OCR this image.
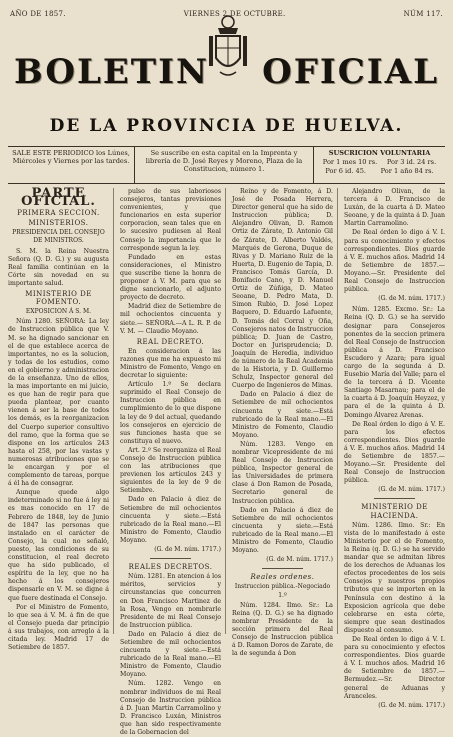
AÑO DE 1857.	VIERNES 2 DE OCTUBRE.	NÚM 117.
BOLETIN OFICIAL
DE LA PROVINCIA DE HUELVA.
SALE ESTE PERIODICO los Lúnes, Miércoles y Viernes por las tardes.
Se suscribe en esta capital en la Imprenta y librería de D. José Reyes y Moreno, Plaza de la Constitucion, número 1.
SUSCRICION VOLUNTARIA
Por 1 mes 10 rs. Por 3 id. 24 rs.
Por 6 id. 45. Por 1 año 84 rs.
PARTE OFICIAL.
PRIMERA SECCION.
MINISTERIOS.
PRESIDENCIA DEL CONSEJO DE MINISTROS.

S. M. la Reina Nuestra Señora (Q. D. G.) y su augusta Real familia continúan en la Córte sin novedad en su importante salud.

MINISTERIO DE FOMENTO.
EXPOSICION Á S. M.

Núm 1280. SEÑORA: La ley de Instruccion pública que V. M. se ha dignado sancionar en el de que establece acerca de importantes, no es la solucion, y todas de los estudios, como en el gobierno y administracion de la enseñanza. Uno de ellos, la mas importante en mi juicio, es que han de regir para que pueda plantear, por cuanto vienen á ser la base de todos los demás, es la reorganizacion del Cuerpo superior consultivo del ramo, que la forma que se dispone en los artículos 243 hasta el 258, por las vastas y numerosas atribuciones que se le encargan y por el complemento de tareas, porque á él ha de consagrar.

Aunque quede algo indeterminado si no fue á ley ni es mas conocido en 17 de Febrero de 1848, ley de Junio de 1847 las personas que instalado en el carácter de Consejo, la cual no señaló, puesto, las condiciones de su constitucion, el real decreto que ha sido publicado, el espíritu de la ley, que no ha hecho á los consejeros dispensarle en V. M. se digne á que fuere destinada el Consejo.

Por el Ministro de Fomento, lo que sea á V. M. á fin de que el Consejo pueda dar principio á sus trabajos, con arreglo á la citada ley. Madrid 17 de Setiembre de 1857.

pulso de sus laboriosos consejeros, tantas previsiones convenientes, y que funcionarios en esta superior corporacion, sean tales que en lo sucesivo pudiesen al Real Consejo la importancia que le corresponde segun la ley.

Fundado en estas consideraciones, el Ministro que suscribe tiene la honra de proponer á V. M. para que se digne sancionarlo, el adjunto proyecto de decreto.

Madrid diez de Setiembre de mil ochocientos cincuenta y siete.— SEÑORA.—A L. R. P. de V. M. — Claudio Moyano.

REAL DECRETO.

En consideracion á las razones que me ha expuesto mi Ministro de Fomento, Vengo en decretar lo siguiente:

Artículo 1.º Se declara suprimido el Real Consejo de Instruccion pública en cumplimiento de lo que dispone la ley de 9 del actual, quedando los consejeros en ejercicio de sus funciones hasta que se constituya el nuevo.

Art. 2.º Se reorganiza el Real Consejo de Instruccion pública con las atribuciones que previenen los artículos 243 y siguientes de la ley de 9 de Setiembre.

Dado en Palacio á diez de Setiembre de mil ochocientos cincuenta y siete.—Está rubricado de la Real mano.—El Ministro de Fomento, Claudio Moyano.

(G. de M. núm. 1717.)
REALES DECRETOS.

Núm. 1281. En atencion á los méritos, servicios y circunstancias que concurren en Don Francisco Martinez de la Rosa, Vengo en nombrarle Presidente de mi Real Consejo de Instruccion pública.

Dado en Palacio á diez de Setiembre de mil ochocientos cincuenta y siete.—Está rubricado de la Real mano.—El Ministro de Fomento, Claudio Moyano.

Núm. 1282. Vengo en nombrar individuos de mi Real Consejo de Instruccion pública á D. Juan Martin Carramolino y D. Francisco Luxán, Ministros que han sido respectivamente de la Gobernacion del

Reino y de Fomento, á D. José de Posada Herrera, Director general que ha sido de Instruccion pública; D. Alejandro Olivan, D. Ramon Ortiz de Zárate, D. Antonio Gil de Zárate, D. Alberto Valdés, Marqués de Gerona, Duque de Rivas y D. Mariano Ruiz de la Huerta, D. Eugenio de Tapia, D. Francisco Tomás García, D. Bonifacio Cano, y D. Manuel Ortiz de Zúñiga, D. Mateo Seoane, D. Pedro Mata, D. Simon Rubio, D. José Lopez Baquero, D. Eduardo Lafuente, D. Tomás del Corral y Oña, Consejeros natos de Instruccion pública; D. Juan de Castro, Doctor en Jurisprudencia; D. Joaquín de Heredia, individuo de número de la Real Academia de la Historia, y D. Guillermo Schulz, Inspector general del Cuerpo de Ingenieros de Minas.

Dado en Palacio á diez de Setiembre de mil ochocientos cincuenta y siete.—Está rubricado de la Real mano.—El Ministro de Fomento, Claudio Moyano.

Núm. 1283. Vengo en nombrar Vicepresidente de mi Real Consejo de Instruccion pública, Inspector general de las Universidades de primera clase á Don Ramon de Posada, Secretario general de Instruccion pública.

Dado en Palacio á diez de Setiembre de mil ochocientos cincuenta y siete.—Está rubricado de la Real mano.—El Ministro de Fomento, Claudio Moyano.

(G. de M. núm. 1717.)
Reales ordenes.
Instruccion pública.-Negociado 1.º

Núm. 1284. Ilmo. Sr.: La Reina (Q. D. G.) se ha dignado nombrar Presidente de la sección primera del Real Consejo de Instruccion pública á D. Ramon Doros de Zarate, de la de segunda á Don

Alejandro Olivan, de la tercera á D. Francisco de Luxán, de la cuarta á D. Mateo Seoane, y de la quinta á D. Juan Martin Carramolino.

De Real órden lo digo á V. I. para su conocimiento y efectos correspondientes. Dios guarde á V. E. muchos años. Madrid 14 de Setiembre de 1857.—Moyano.—Sr. Presidente del Real Consejo de Instruccion pública.

(G. de M. núm. 1717.)

Núm. 1285. Excmo. Sr.: La Reina (Q. D. G.) se ha servido designar para Consejeros ponentes de la seccion primera del Real Consejo de Instruccion pública á D. Francisco Escudero y Azara; para igual cargo de la segunda á D. Eusebio María del Valle; para el de la tercera á D. Vicente Santiago Masarnau; para el de la cuarta á D. Joaquín Heyzez, y para el de la quinta á D. Domingo Álvarez Arenas.

De Real órden lo digo á V. E. para los efectos correspondientes. Dios guarde á V. E. muchos años. Madrid 14 de Setiembre de 1857.—Moyano.—Sr. Presidente del Real Consejo de Instruccion pública.

(G. de M. núm. 1717.)
MINISTERIO DE HACIENDA.

Núm. 1286. Ilmo. Sr.: En vista de lo manifestado á este Ministerio por el de Fomento, la Reina (q. D. G.) se ha servido mandar que se admitan libres de los derechos de Aduanas los efectos procedentes de los seis Consejos y nuestros propios tributos que se importen en la Península con destino á la Exposicion agrícola que debe celebrarse en esta córte, siempre que sean destinados dispuesto al consumo.

De Real órden lo digo á V. I. para su conocimiento y efectos correspondientes. Dios guarde á V. I. muchos años. Madrid 16 de Setiembre de 1857.—Bermudez.—Sr. Director general de Aduanas y Aranceles.

(G. de M. núm. 1717.)
